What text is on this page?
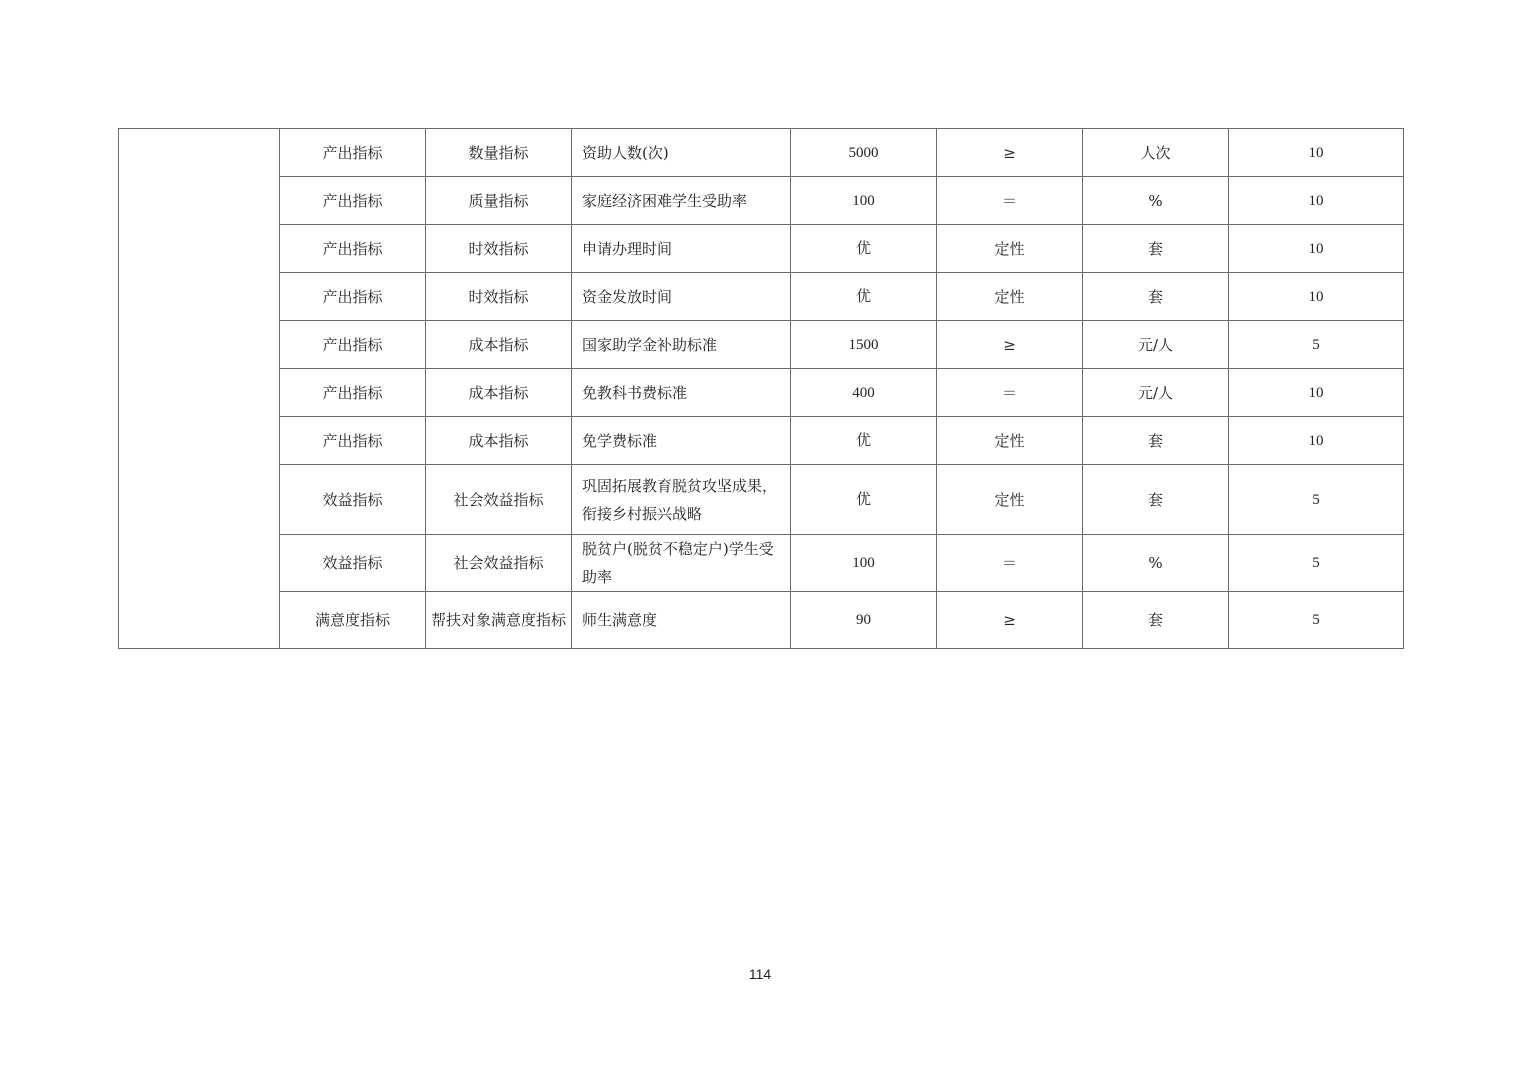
	产出指标	数量指标	资助人数(次)	5000	≥	人次	10
	产出指标	质量指标	家庭经济困难学生受助率	100	＝	%	10
	产出指标	时效指标	申请办理时间	优	定性	套	10
	产出指标	时效指标	资金发放时间	优	定性	套	10
	产出指标	成本指标	国家助学金补助标准	1500	≥	元/人	5
	产出指标	成本指标	免教科书费标准	400	＝	元/人	10
	产出指标	成本指标	免学费标准	优	定性	套	10
	效益指标	社会效益指标	巩固拓展教育脱贫攻坚成果，衔接乡村振兴战略	优	定性	套	5
	效益指标	社会效益指标	脱贫户(脱贫不稳定户)学生受助率	100	＝	%	5
	满意度指标	帮扶对象满意度指标	师生满意度	90	≥	套	5
114
